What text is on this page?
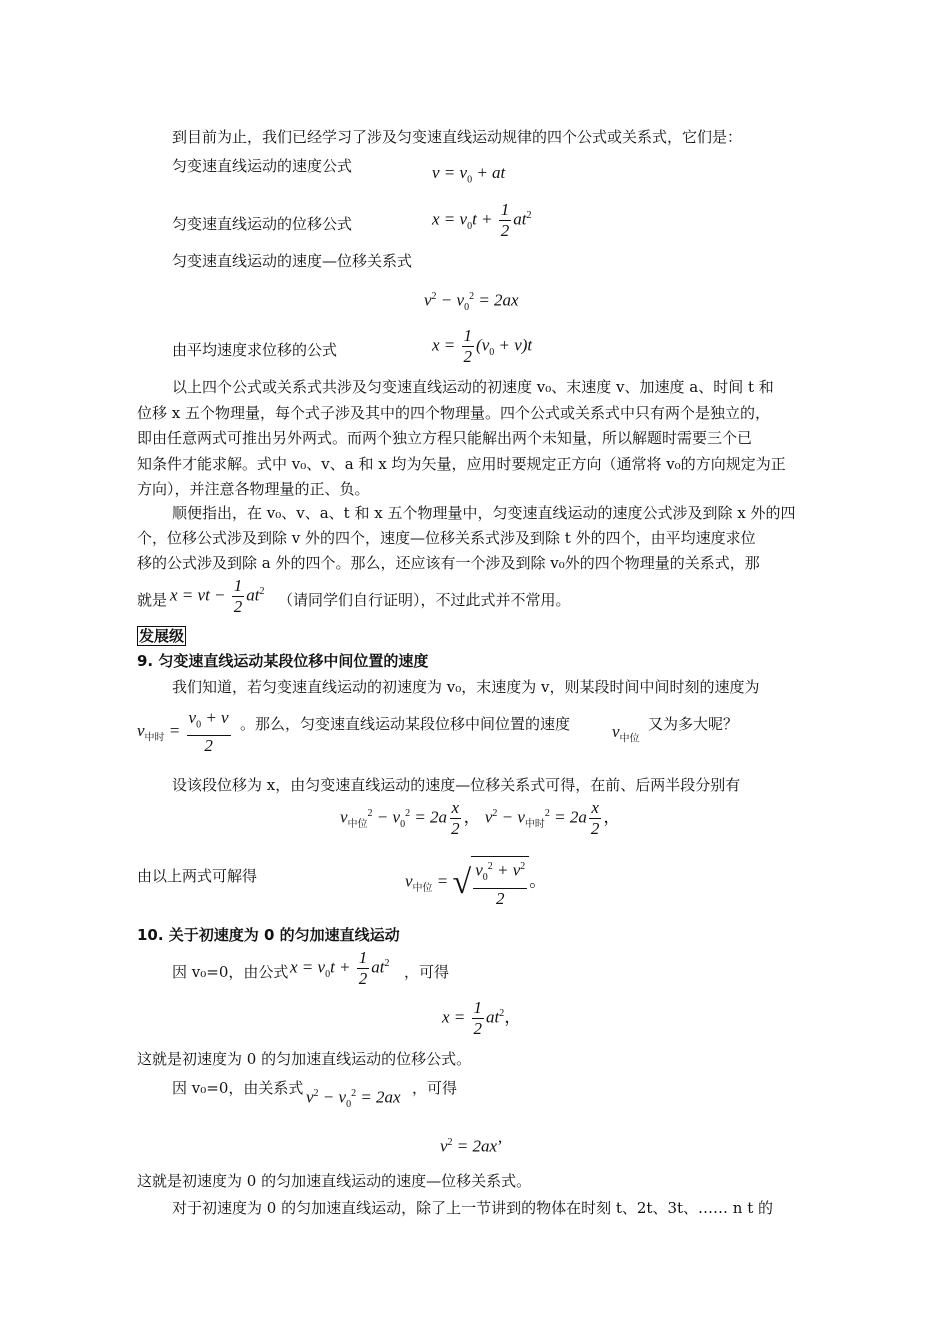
到目前为止，我们已经学习了涉及匀变速直线运动规律的四个公式或关系式，它们是：
匀变速直线运动的速度公式	$v = v_0$ + at
匀变速直线运动的位移公式	$x = v_0t + \frac{1}{2} at^2$
匀变速直线运动的速度—位移关系式
$v^2 - v_0^2 = 2ax$
由平均速度求位移的公式	$x = \frac{1}{2} (v_0 + v)t$
以上四个公式或关系式共涉及匀变速直线运动的初速度 v₀、末速度 v、加速度 a、时间 t 和
位移 x 五个物理量，每个式子涉及其中的四个物理量。四个公式或关系式中只有两个是独立的，
即由任意两式可推出另外两式。而两个独立方程只能解出两个未知量，所以解题时需要三个已
知条件才能求解。式中 v₀、v、a 和 x 均为矢量，应用时要规定正方向（通常将 v₀的方向规定为正
方向），并注意各物理量的正、负。
顺便指出，在 v₀、v、a、t 和 x 五个物理量中，匀变速直线运动的速度公式涉及到除 x 外的四
个，位移公式涉及到除 v 外的四个，速度—位移关系式涉及到除 t 外的四个，由平均速度求位
移的公式涉及到除 a 外的四个。那么，还应该有一个涉及到除 v₀外的四个物理量的关系式，那
就是 x = vt − $\frac{1}{2} at^2$ （请同学们自行证明），不过此式并不常用。
发展级
9. 匀变速直线运动某段位移中间位置的速度
我们知道，若匀变速直线运动的初速度为 v₀，末速度为 v，则某段时间中间时刻的速度为
$v_{中时} = \frac{v_0 + v}{2}$ 。那么，匀变速直线运动某段位移中间位置的速度 $v_{中位}$
又为多大呢？
设该段位移为 x，由匀变速直线运动的速度—位移关系式可得，在前、后两半段分别有
$v_{中位}^2 - v_0^2 = 2a \frac{x}{2}$ ， $v^2 - v_{中时}^2 = 2a \frac{x}{2}$ ，
由以上两式可解得	$v_{中位}$ = √ $\frac{v_0^2 + v^2}{2}$ 。
10. 关于初速度为 0 的匀加速直线运动
因 v₀=0，由公式 $x = v_0t + \frac{1}{2} at^2$ ，可得
$x = \frac{1}{2} at^2$，
这就是初速度为 0 的匀加速直线运动的位移公式。
因 v₀=0，由关系式 $v^2 - v_0^2 = 2ax$ ，可得
$v^2 = 2ax$’
这就是初速度为 0 的匀加速直线运动的速度—位移关系式。
对于初速度为 0 的匀加速直线运动，除了上一节讲到的物体在时刻 t、2t、3t、…… n t 的
